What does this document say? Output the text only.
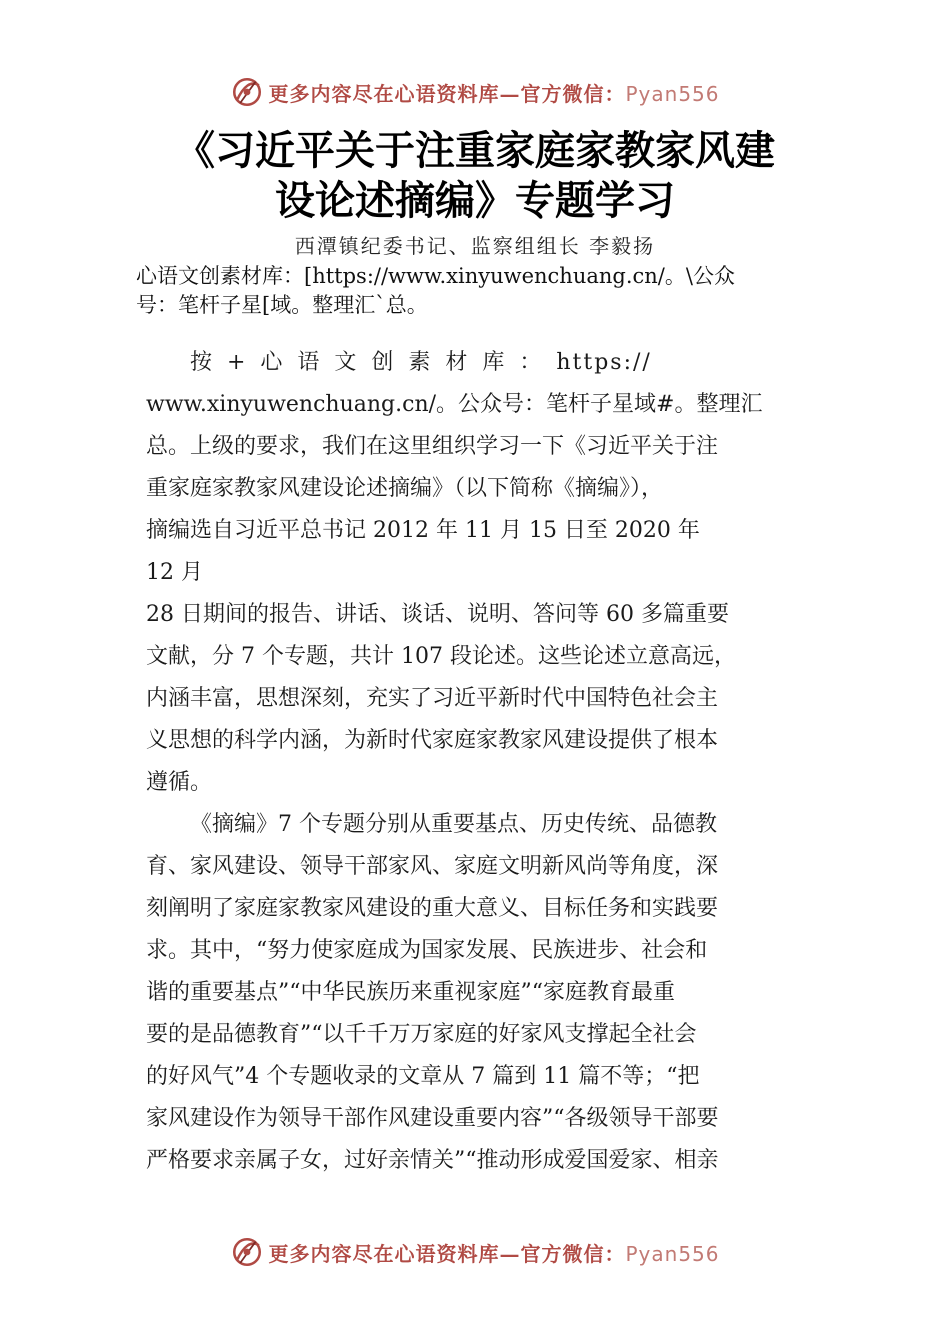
更多内容尽在心语资料库—官方微信：Pyan556
《习近平关于注重家庭家教家风建
设论述摘编》专题学习
西潭镇纪委书记、监察组组长 李毅扬
心语文创素材库：[https://www.xinyuwenchuang.cn/。\公众
号：笔杆子星[域。整理汇`总。

按 + 心 语 文 创 素 材 库 ： https://
www.xinyuwenchuang.cn/。公众号：笔杆子星域#。整理汇
总。上级的要求，我们在这里组织学习一下《习近平关于注
重家庭家教家风建设论述摘编》（以下简称《摘编》），
摘编选自习近平总书记 2012 年 11 月 15 日至 2020 年
12 月

28 日期间的报告、讲话、谈话、说明、答问等 60 多篇重要
文献，分 7 个专题，共计 107 段论述。这些论述立意高远，
内涵丰富，思想深刻，充实了习近平新时代中国特色社会主
义思想的科学内涵，为新时代家庭家教家风建设提供了根本
遵循。

《摘编》7 个专题分别从重要基点、历史传统、品德教
育、家风建设、领导干部家风、家庭文明新风尚等角度，深
刻阐明了家庭家教家风建设的重大意义、目标任务和实践要
求。其中，“努力使家庭成为国家发展、民族进步、社会和
谐的重要基点”“中华民族历来重视家庭”“家庭教育最重
要的是品德教育”“以千千万万家庭的好家风支撑起全社会
的好风气”4 个专题收录的文章从 7 篇到 11 篇不等；“把
家风建设作为领导干部作风建设重要内容”“各级领导干部要
严格要求亲属子女，过好亲情关”“推动形成爱国爱家、相亲

更多内容尽在心语资料库—官方微信：Pyan556
